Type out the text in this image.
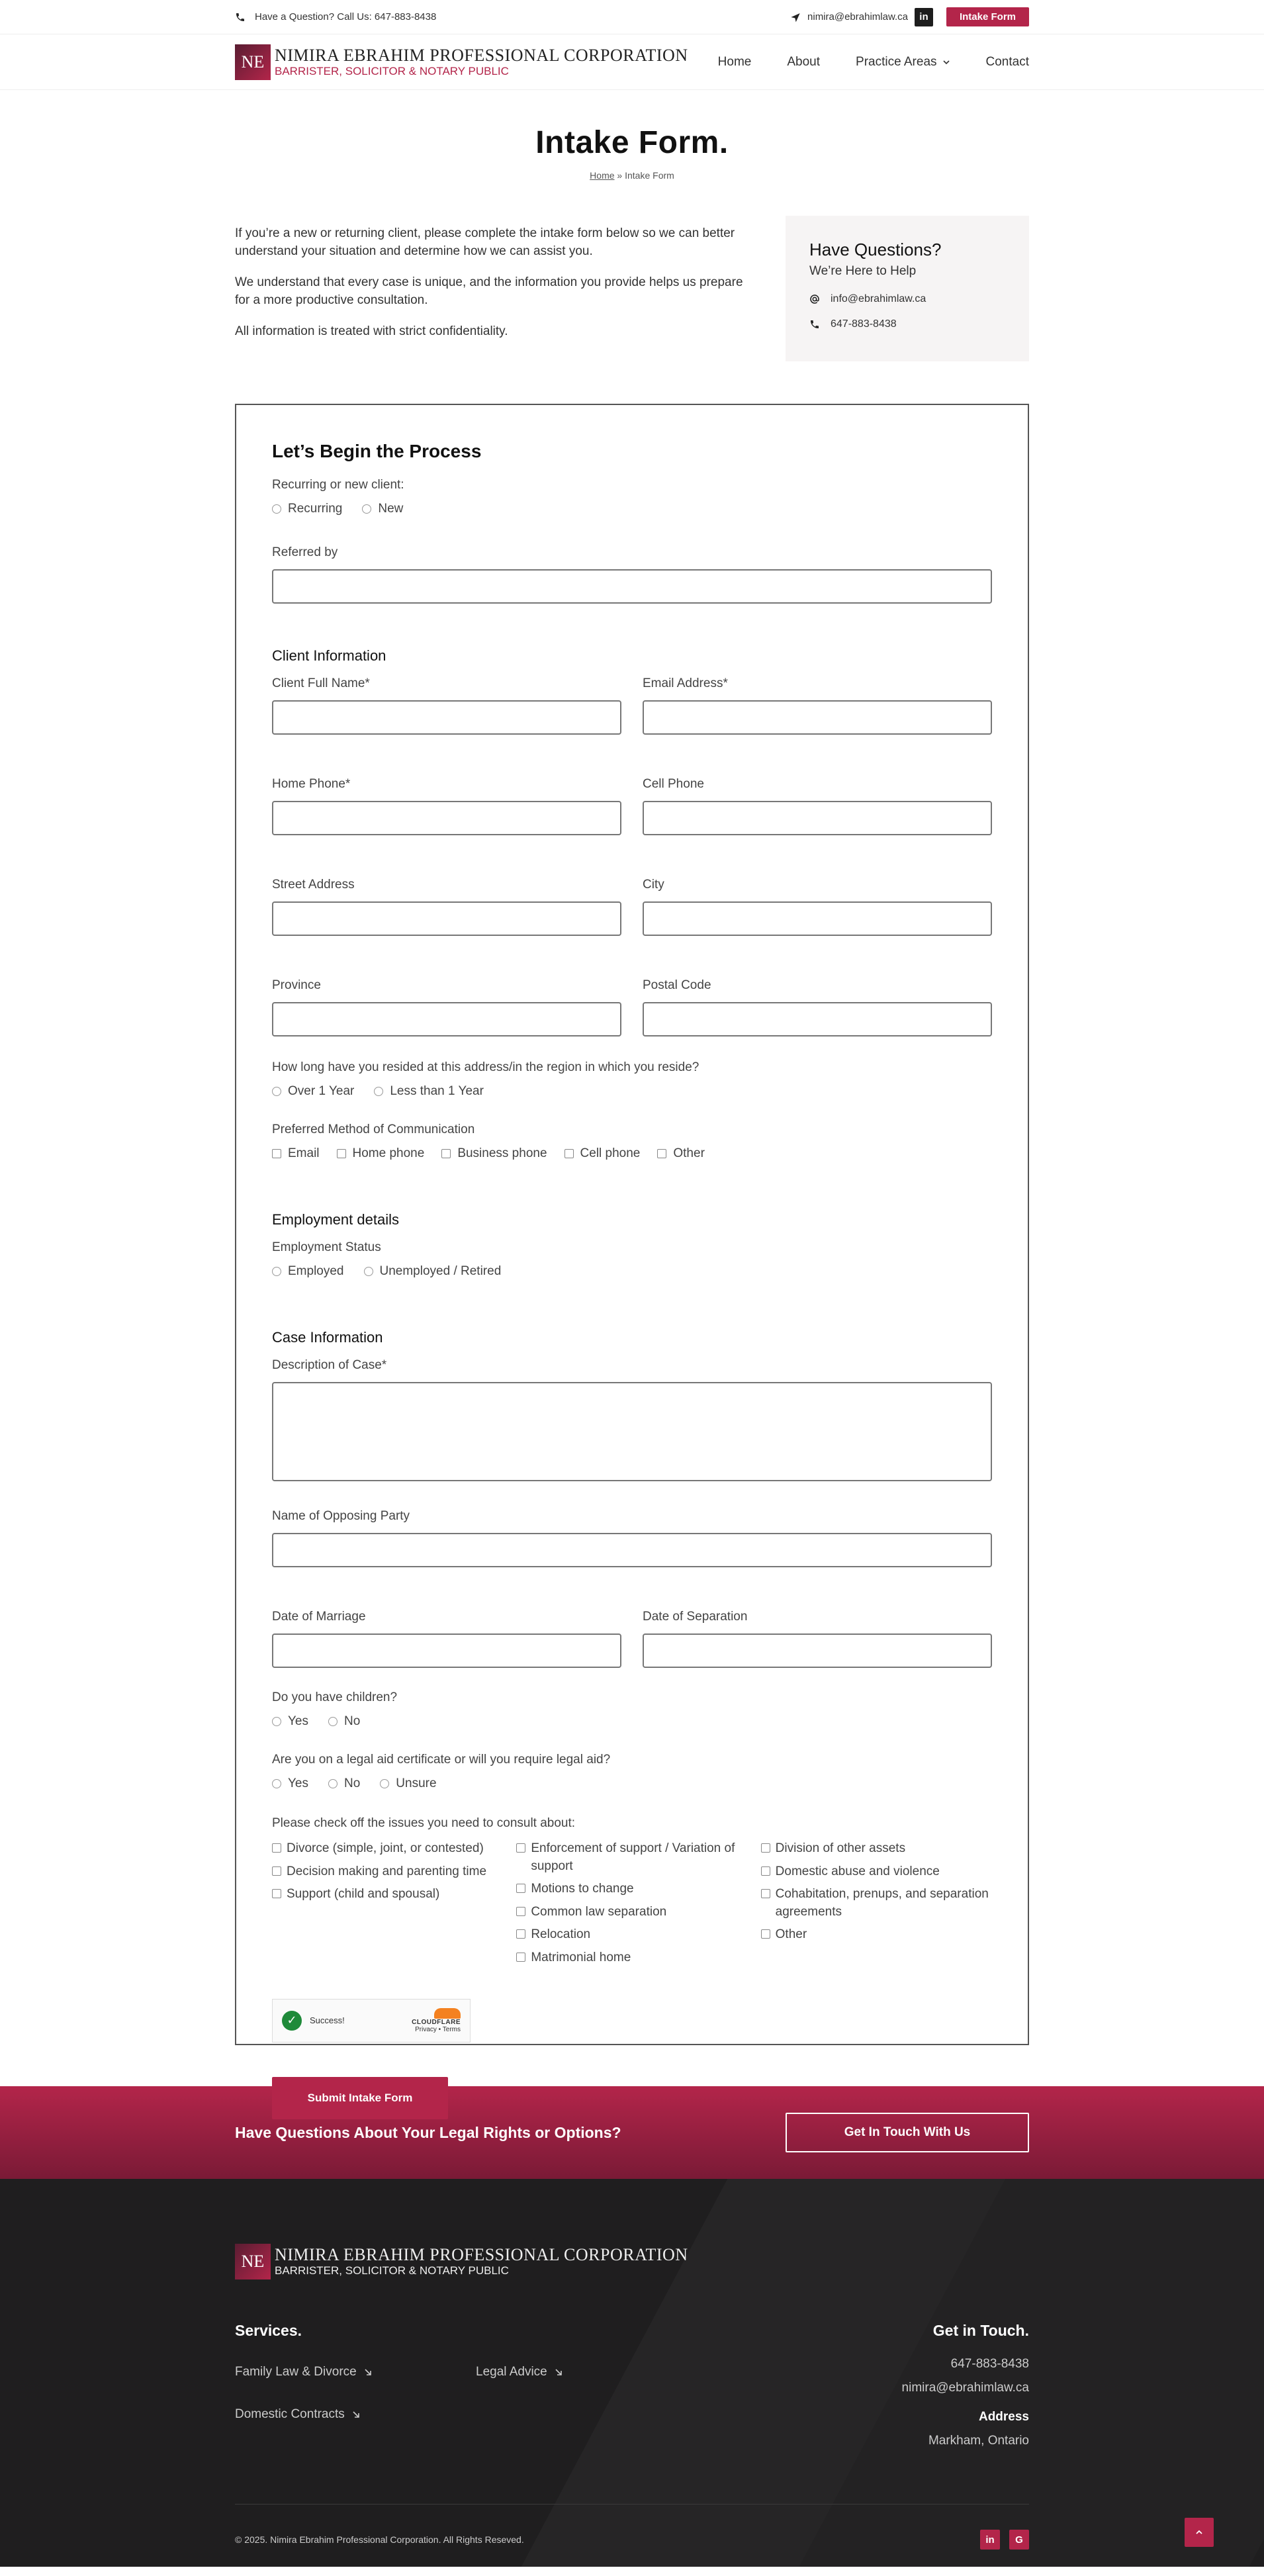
Have a Question? Call Us: 647-883-8438	nimira@ebrahimlaw.ca	in	Intake Form
NE NIMIRA EBRAHIM PROFESSIONAL CORPORATION
BARRISTER, SOLICITOR & NOTARY PUBLIC
Home	About	Practice Areas	Contact
Intake Form.
Home » Intake Form

If you’re a new or returning client, please complete the intake form below so we can better understand your situation and determine how we can assist you.

We understand that every case is unique, and the information you provide helps us prepare for a more productive consultation.

All information is treated with strict confidentiality.

Have Questions?
We’re Here to Help
info@ebrahimlaw.ca
647-883-8438
Let’s Begin the Process
Recurring or new client:
Recurring	New
Referred by
Client Information
Client Full Name*	Email Address*
Home Phone*	Cell Phone
Street Address	City
Province	Postal Code
How long have you resided at this address/in the region in which you reside?
Over 1 Year	Less than 1 Year
Preferred Method of Communication
Email	Home phone	Business phone	Cell phone	Other
Employment details
Employment Status
Employed	Unemployed / Retired
Case Information
Description of Case*
Name of Opposing Party
Date of Marriage	Date of Separation
Do you have children?
Yes	No
Are you on a legal aid certificate or will you require legal aid?
Yes	No	Unsure
Please check off the issues you need to consult about:
Divorce (simple, joint, or contested)
Decision making and parenting time
Support (child and spousal)
Enforcement of support / Variation of support
Motions to change
Common law separation
Relocation
Matrimonial home
Division of other assets
Domestic abuse and violence
Cohabitation, prenups, and separation agreements
Other
✓	Success!	CLOUDFLARE
Privacy • Terms
Submit Intake Form
Have Questions About Your Legal Rights or Options?	Get In Touch With Us
NE NIMIRA EBRAHIM PROFESSIONAL CORPORATION
BARRISTER, SOLICITOR & NOTARY PUBLIC
Services.
Family Law & Divorce	Legal Advice
Domestic Contracts
Get in Touch.
647-883-8438
nimira@ebrahimlaw.ca
Address
Markham, Ontario
© 2025. Nimira Ebrahim Professional Corporation. All Rights Reseved.	in	G
